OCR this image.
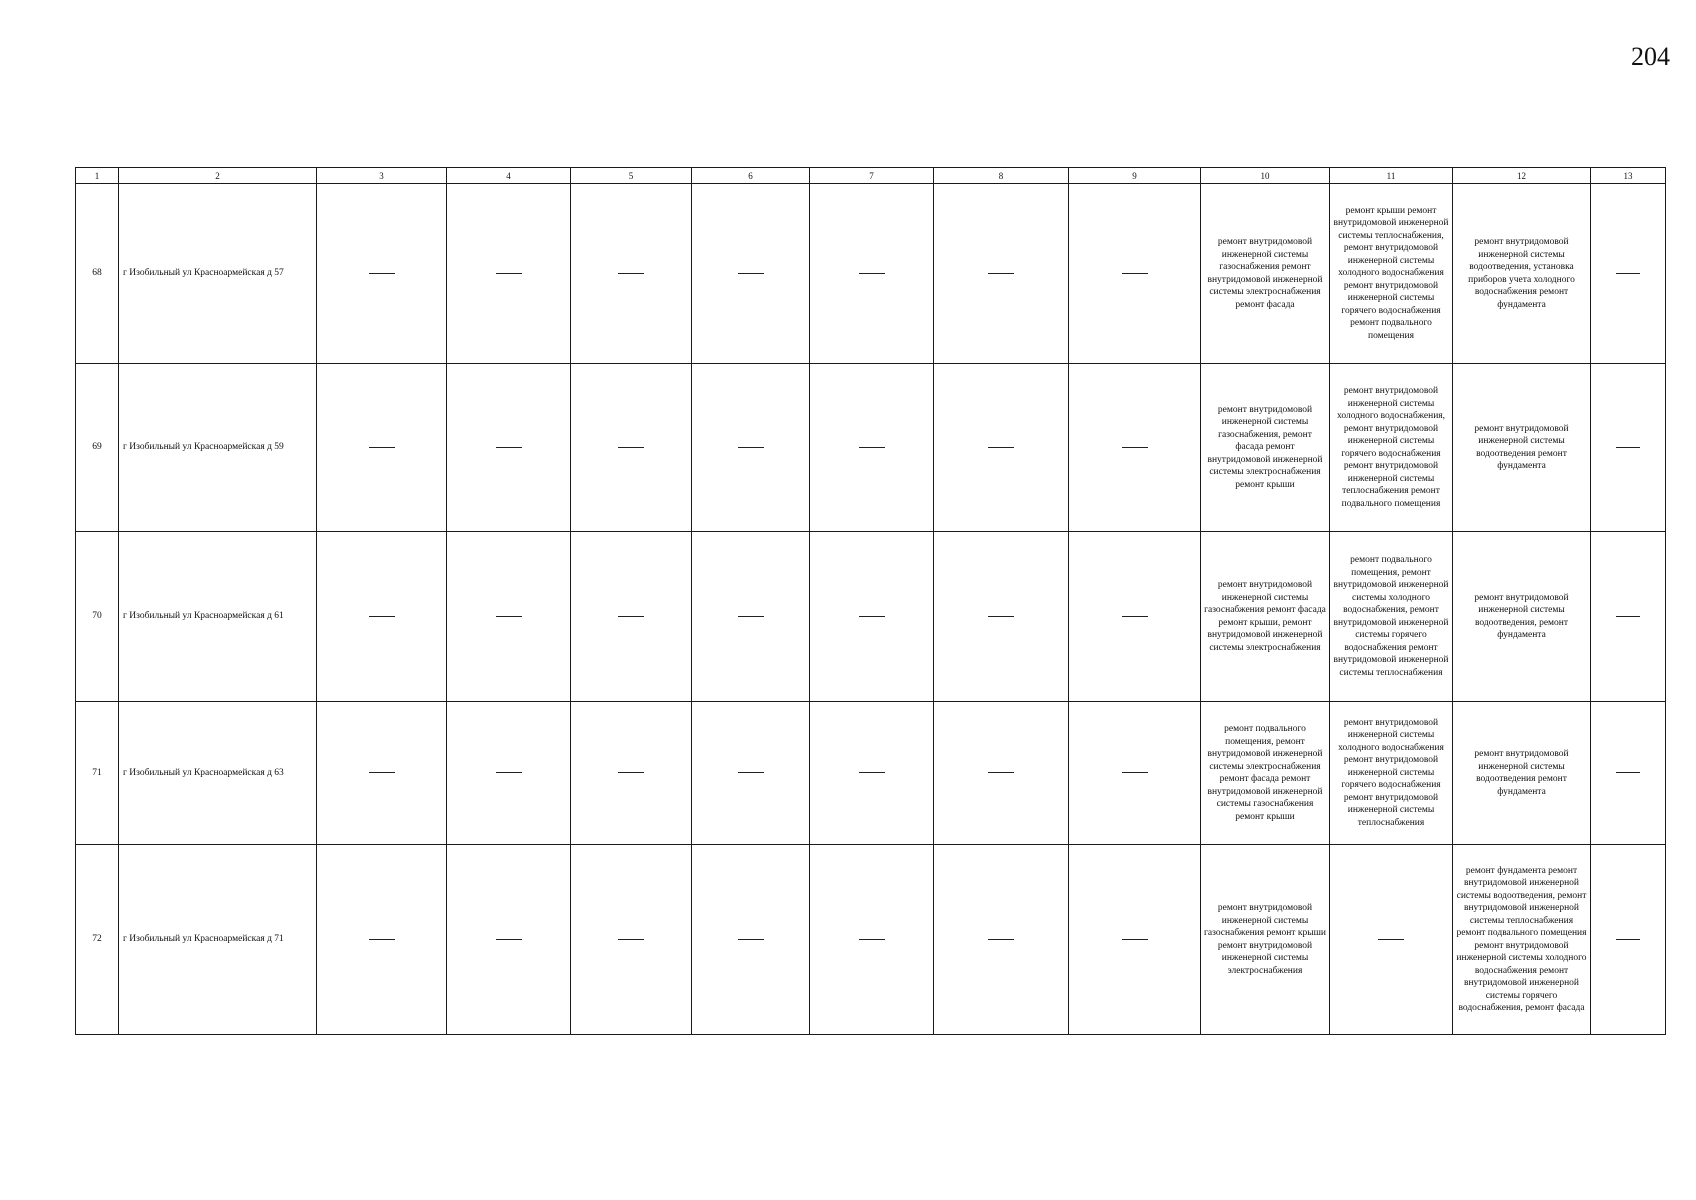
204
1	2	3	4	5	6	7	8	9	10	11	12	13
68	г Изобильный ул Красноармейская д 57								ремонт внутридомовой инженерной системы газоснабжения ремонт внутридомовой инженерной системы электроснабжения ремонт фасада	ремонт крыши ремонт внутридомовой инженерной системы теплоснабжения, ремонт внутридомовой инженерной системы холодного водоснабжения ремонт внутридомовой инженерной системы горячего водоснабжения ремонт подвального помещения	ремонт внутридомовой инженерной системы водоотведения, установка приборов учета холодного водоснабжения ремонт фундамента	
69	г Изобильный ул Красноармейская д 59								ремонт внутридомовой инженерной системы газоснабжения, ремонт фасада ремонт внутридомовой инженерной системы электроснабжения ремонт крыши	ремонт внутридомовой инженерной системы холодного водоснабжения, ремонт внутридомовой инженерной системы горячего водоснабжения ремонт внутридомовой инженерной системы теплоснабжения ремонт подвального помещения	ремонт внутридомовой инженерной системы водоотведения ремонт фундамента	
70	г Изобильный ул Красноармейская д 61								ремонт внутридомовой инженерной системы газоснабжения ремонт фасада ремонт крыши, ремонт внутридомовой инженерной системы электроснабжения	ремонт подвального помещения, ремонт внутридомовой инженерной системы холодного водоснабжения, ремонт внутридомовой инженерной системы горячего водоснабжения ремонт внутридомовой инженерной системы теплоснабжения	ремонт внутридомовой инженерной системы водоотведения, ремонт фундамента	
71	г Изобильный ул Красноармейская д 63								ремонт подвального помещения, ремонт внутридомовой инженерной системы электроснабжения ремонт фасада ремонт внутридомовой инженерной системы газоснабжения ремонт крыши	ремонт внутридомовой инженерной системы холодного водоснабжения ремонт внутридомовой инженерной системы горячего водоснабжения ремонт внутридомовой инженерной системы теплоснабжения	ремонт внутридомовой инженерной системы водоотведения ремонт фундамента	
72	г Изобильный ул Красноармейская д 71								ремонт внутридомовой инженерной системы газоснабжения ремонт крыши ремонт внутридомовой инженерной системы электроснабжения		ремонт фундамента ремонт внутридомовой инженерной системы водоотведения, ремонт внутридомовой инженерной системы теплоснабжения ремонт подвального помещения ремонт внутридомовой инженерной системы холодного водоснабжения ремонт внутридомовой инженерной системы горячего водоснабжения, ремонт фасада	
